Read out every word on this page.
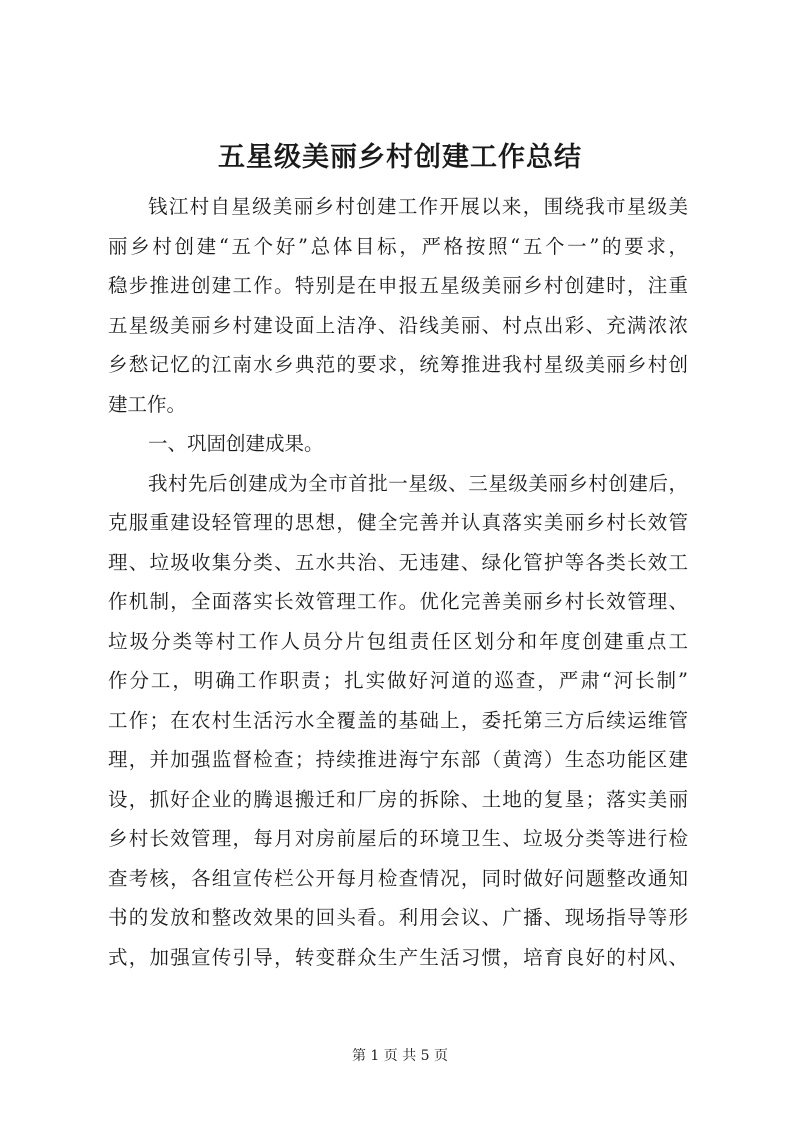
五星级美丽乡村创建工作总结
钱江村自星级美丽乡村创建工作开展以来，围绕我市星级美
丽乡村创建“五个好”总体目标，严格按照“五个一”的要求，
稳步推进创建工作。特别是在申报五星级美丽乡村创建时，注重
五星级美丽乡村建设面上洁净、沿线美丽、村点出彩、充满浓浓
乡愁记忆的江南水乡典范的要求，统筹推进我村星级美丽乡村创
建工作。
一、巩固创建成果。
我村先后创建成为全市首批一星级、三星级美丽乡村创建后，
克服重建设轻管理的思想，健全完善并认真落实美丽乡村长效管
理、垃圾收集分类、五水共治、无违建、绿化管护等各类长效工
作机制，全面落实长效管理工作。优化完善美丽乡村长效管理、
垃圾分类等村工作人员分片包组责任区划分和年度创建重点工
作分工，明确工作职责；扎实做好河道的巡查，严肃“河长制”
工作；在农村生活污水全覆盖的基础上，委托第三方后续运维管
理，并加强监督检查；持续推进海宁东部（黄湾）生态功能区建
设，抓好企业的腾退搬迁和厂房的拆除、土地的复垦；落实美丽
乡村长效管理，每月对房前屋后的环境卫生、垃圾分类等进行检
查考核，各组宣传栏公开每月检查情况，同时做好问题整改通知
书的发放和整改效果的回头看。利用会议、广播、现场指导等形
式，加强宣传引导，转变群众生产生活习惯，培育良好的村风、
第 1 页 共 5 页
